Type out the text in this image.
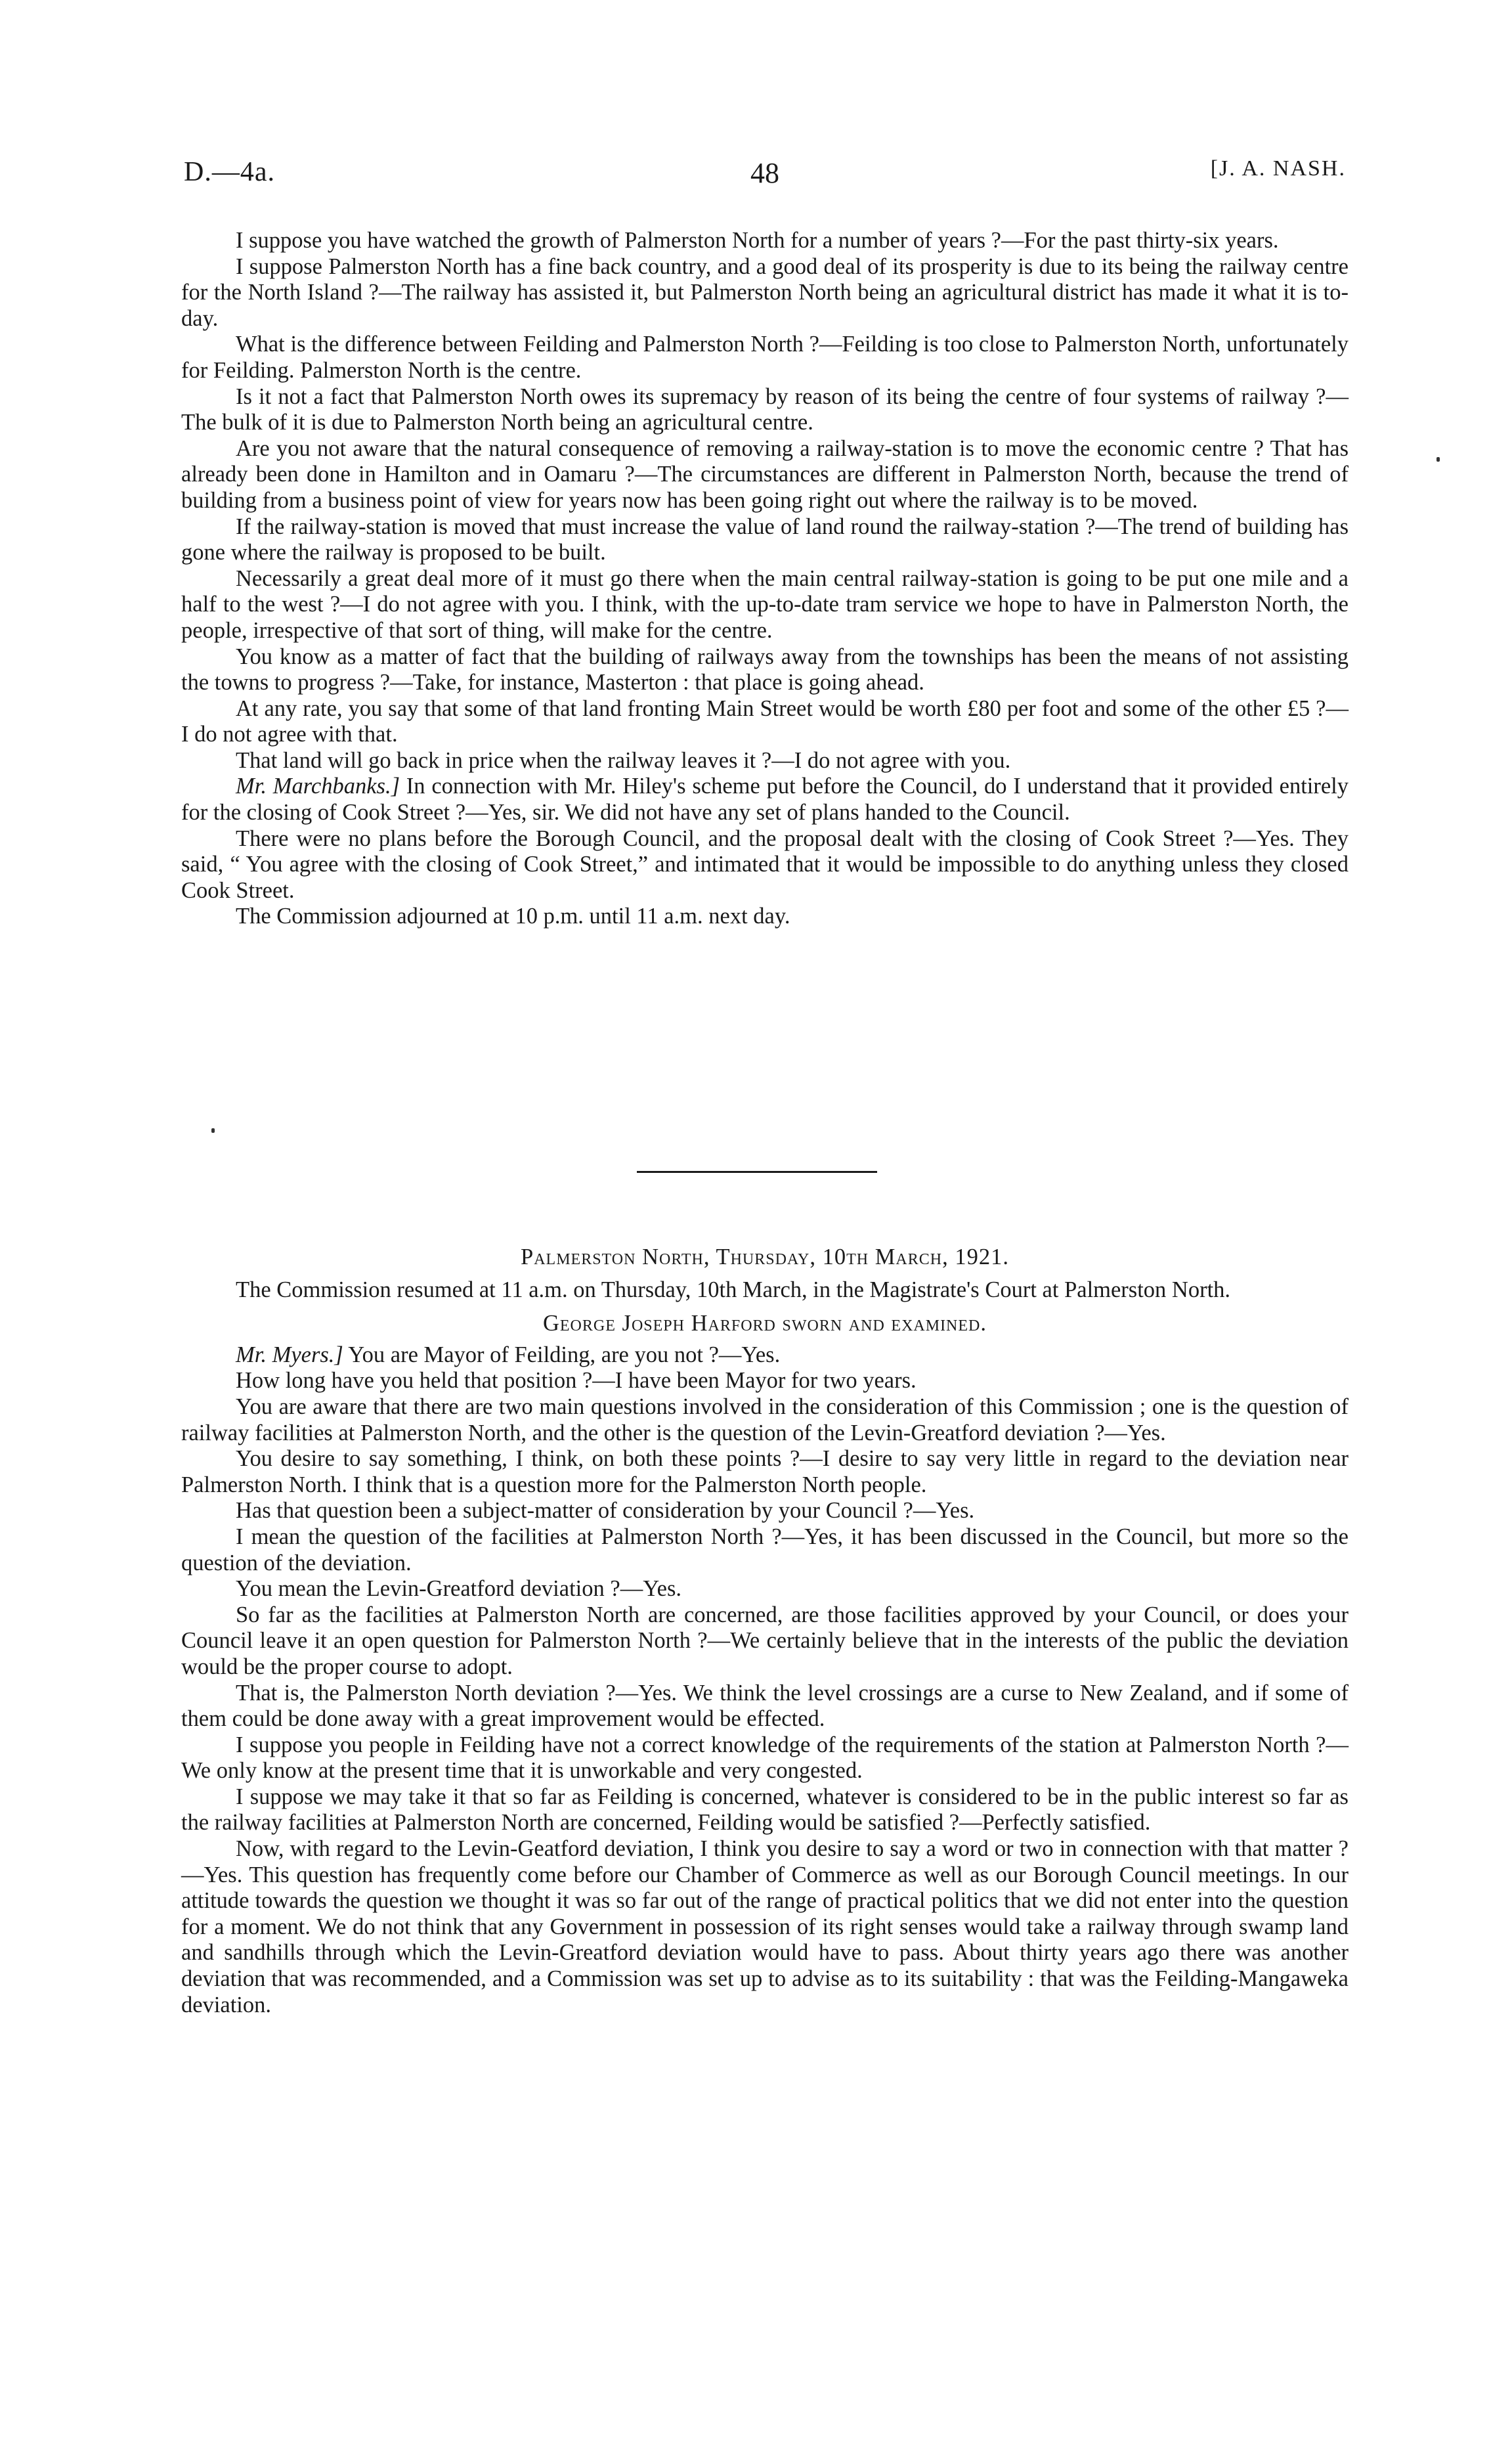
D.—4a.	48	[J. A. NASH.

I suppose you have watched the growth of Palmerston North for a number of years ?—For the past thirty-six years.

I suppose Palmerston North has a fine back country, and a good deal of its prosperity is due to its being the railway centre for the North Island ?—The railway has assisted it, but Palmerston North being an agricultural district has made it what it is to-day.

What is the difference between Feilding and Palmerston North ?—Feilding is too close to Palmerston North, unfortunately for Feilding. Palmerston North is the centre.

Is it not a fact that Palmerston North owes its supremacy by reason of its being the centre of four systems of railway ?—The bulk of it is due to Palmerston North being an agricultural centre.

Are you not aware that the natural consequence of removing a railway-station is to move the economic centre ? That has already been done in Hamilton and in Oamaru ?—The circumstances are different in Palmerston North, because the trend of building from a business point of view for years now has been going right out where the railway is to be moved.

If the railway-station is moved that must increase the value of land round the railway-station ?—The trend of building has gone where the railway is proposed to be built.

Necessarily a great deal more of it must go there when the main central railway-station is going to be put one mile and a half to the west ?—I do not agree with you. I think, with the up-to-date tram service we hope to have in Palmerston North, the people, irrespective of that sort of thing, will make for the centre.

You know as a matter of fact that the building of railways away from the townships has been the means of not assisting the towns to progress ?—Take, for instance, Masterton : that place is going ahead.

At any rate, you say that some of that land fronting Main Street would be worth £80 per foot and some of the other £5 ?—I do not agree with that.

That land will go back in price when the railway leaves it ?—I do not agree with you.

Mr. Marchbanks.] In connection with Mr. Hiley's scheme put before the Council, do I understand that it provided entirely for the closing of Cook Street ?—Yes, sir. We did not have any set of plans handed to the Council.

There were no plans before the Borough Council, and the proposal dealt with the closing of Cook Street ?—Yes. They said, “ You agree with the closing of Cook Street,” and intimated that it would be impossible to do anything unless they closed Cook Street.

The Commission adjourned at 10 p.m. until 11 a.m. next day.

Palmerston North, Thursday, 10th March, 1921.

The Commission resumed at 11 a.m. on Thursday, 10th March, in the Magistrate's Court at Palmerston North.

George Joseph Harford sworn and examined.

Mr. Myers.] You are Mayor of Feilding, are you not ?—Yes.

How long have you held that position ?—I have been Mayor for two years.

You are aware that there are two main questions involved in the consideration of this Commission ; one is the question of railway facilities at Palmerston North, and the other is the question of the Levin-Greatford deviation ?—Yes.

You desire to say something, I think, on both these points ?—I desire to say very little in regard to the deviation near Palmerston North. I think that is a question more for the Palmerston North people.

Has that question been a subject-matter of consideration by your Council ?—Yes.

I mean the question of the facilities at Palmerston North ?—Yes, it has been discussed in the Council, but more so the question of the deviation.

You mean the Levin-Greatford deviation ?—Yes.

So far as the facilities at Palmerston North are concerned, are those facilities approved by your Council, or does your Council leave it an open question for Palmerston North ?—We certainly believe that in the interests of the public the deviation would be the proper course to adopt.

That is, the Palmerston North deviation ?—Yes. We think the level crossings are a curse to New Zealand, and if some of them could be done away with a great improvement would be effected.

I suppose you people in Feilding have not a correct knowledge of the requirements of the station at Palmerston North ?—We only know at the present time that it is unworkable and very congested.

I suppose we may take it that so far as Feilding is concerned, whatever is considered to be in the public interest so far as the railway facilities at Palmerston North are concerned, Feilding would be satisfied ?—Perfectly satisfied.

Now, with regard to the Levin-Geatford deviation, I think you desire to say a word or two in connection with that matter ?—Yes. This question has frequently come before our Chamber of Commerce as well as our Borough Council meetings. In our attitude towards the question we thought it was so far out of the range of practical politics that we did not enter into the question for a moment. We do not think that any Government in possession of its right senses would take a railway through swamp land and sandhills through which the Levin-Greatford deviation would have to pass. About thirty years ago there was another deviation that was recommended, and a Commission was set up to advise as to its suitability : that was the Feilding-Mangaweka deviation.
